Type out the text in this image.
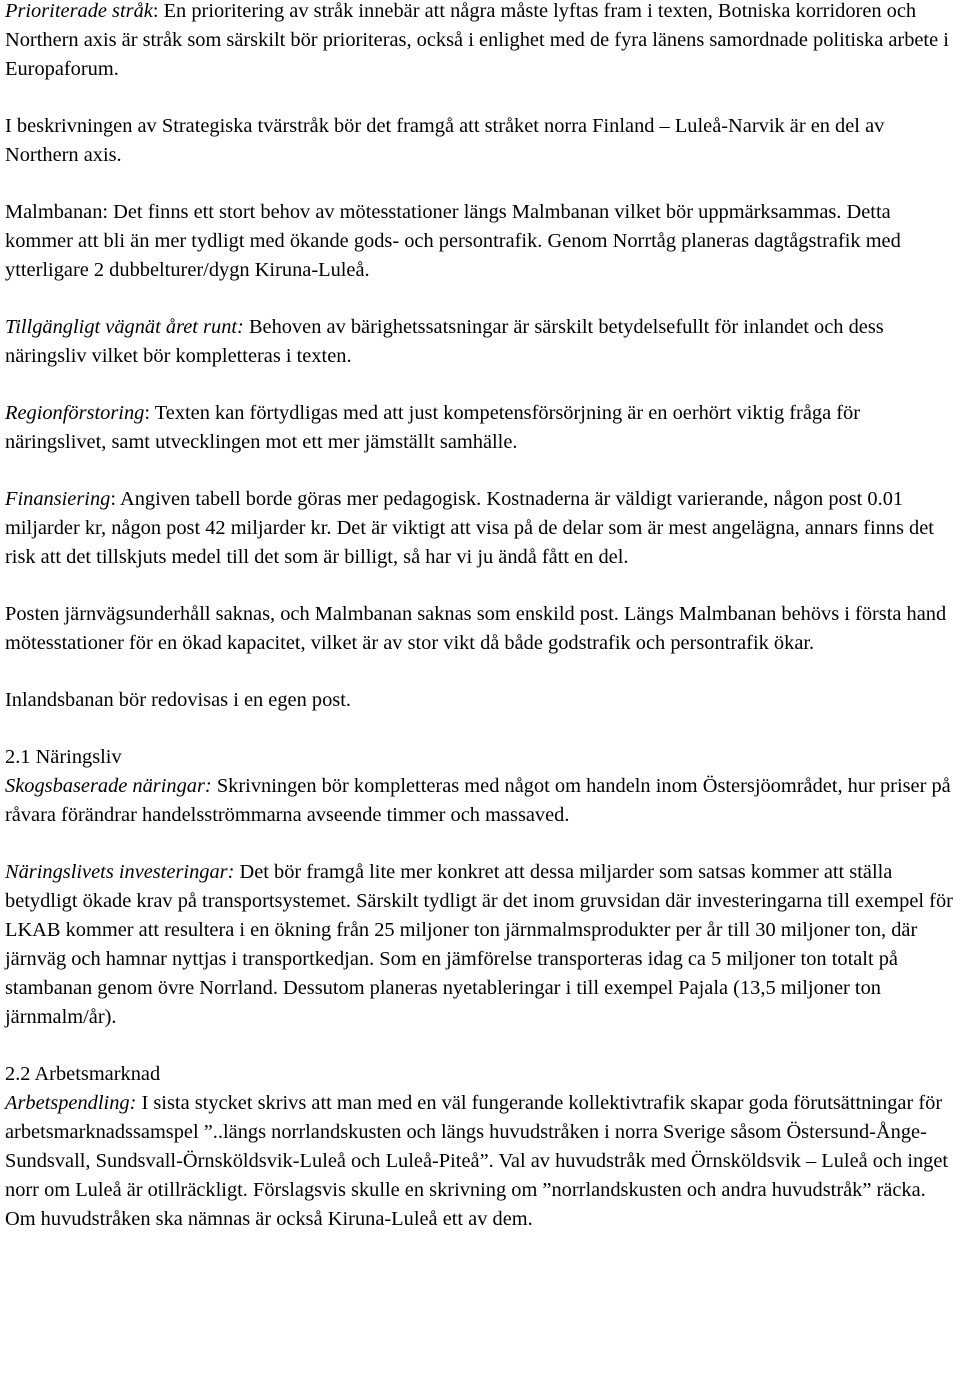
Prioriterade stråk: En prioritering av stråk innebär att några måste lyftas fram i texten, Botniska korridoren och Northern axis är stråk som särskilt bör prioriteras, också i enlighet med de fyra länens samordnade politiska arbete i Europaforum.

I beskrivningen av Strategiska tvärstråk bör det framgå att stråket norra Finland – Luleå-Narvik är en del av Northern axis.

Malmbanan: Det finns ett stort behov av mötesstationer längs Malmbanan vilket bör uppmärksammas. Detta kommer att bli än mer tydligt med ökande gods- och persontrafik. Genom Norrtåg planeras dagtågstrafik med ytterligare 2 dubbelturer/dygn Kiruna-Luleå.

Tillgängligt vägnät året runt: Behoven av bärighetssatsningar är särskilt betydelsefullt för inlandet och dess näringsliv vilket bör kompletteras i texten.

Regionförstoring: Texten kan förtydligas med att just kompetensförsörjning är en oerhört viktig fråga för näringslivet, samt utvecklingen mot ett mer jämställt samhälle.

Finansiering: Angiven tabell borde göras mer pedagogisk. Kostnaderna är väldigt varierande, någon post 0.01 miljarder kr, någon post 42 miljarder kr. Det är viktigt att visa på de delar som är mest angelägna, annars finns det risk att det tillskjuts medel till det som är billigt, så har vi ju ändå fått en del.

Posten järnvägsunderhåll saknas, och Malmbanan saknas som enskild post. Längs Malmbanan behövs i första hand mötesstationer för en ökad kapacitet, vilket är av stor vikt då både godstrafik och persontrafik ökar.

Inlandsbanan bör redovisas i en egen post.

2.1 Näringsliv

Skogsbaserade näringar: Skrivningen bör kompletteras med något om handeln inom Östersjöområdet, hur priser på råvara förändrar handelsströmmarna avseende timmer och massaved.

Näringslivets investeringar: Det bör framgå lite mer konkret att dessa miljarder som satsas kommer att ställa betydligt ökade krav på transportsystemet. Särskilt tydligt är det inom gruvsidan där investeringarna till exempel för LKAB kommer att resultera i en ökning från 25 miljoner ton järnmalmsprodukter per år till 30 miljoner ton, där järnväg och hamnar nyttjas i transportkedjan. Som en jämförelse transporteras idag ca 5 miljoner ton totalt på stambanan genom övre Norrland. Dessutom planeras nyetableringar i till exempel Pajala (13,5 miljoner ton järnmalm/år).

2.2 Arbetsmarknad

Arbetspendling: I sista stycket skrivs att man med en väl fungerande kollektivtrafik skapar goda förutsättningar för arbetsmarknadssamspel ”..längs norrlandskusten och längs huvudstråken i norra Sverige såsom Östersund-Ånge-Sundsvall, Sundsvall-Örnsköldsvik-Luleå och Luleå-Piteå”. Val av huvudstråk med Örnsköldsvik – Luleå och inget norr om Luleå är otillräckligt. Förslagsvis skulle en skrivning om ”norrlandskusten och andra huvudstråk” räcka. Om huvudstråken ska nämnas är också Kiruna-Luleå ett av dem.
